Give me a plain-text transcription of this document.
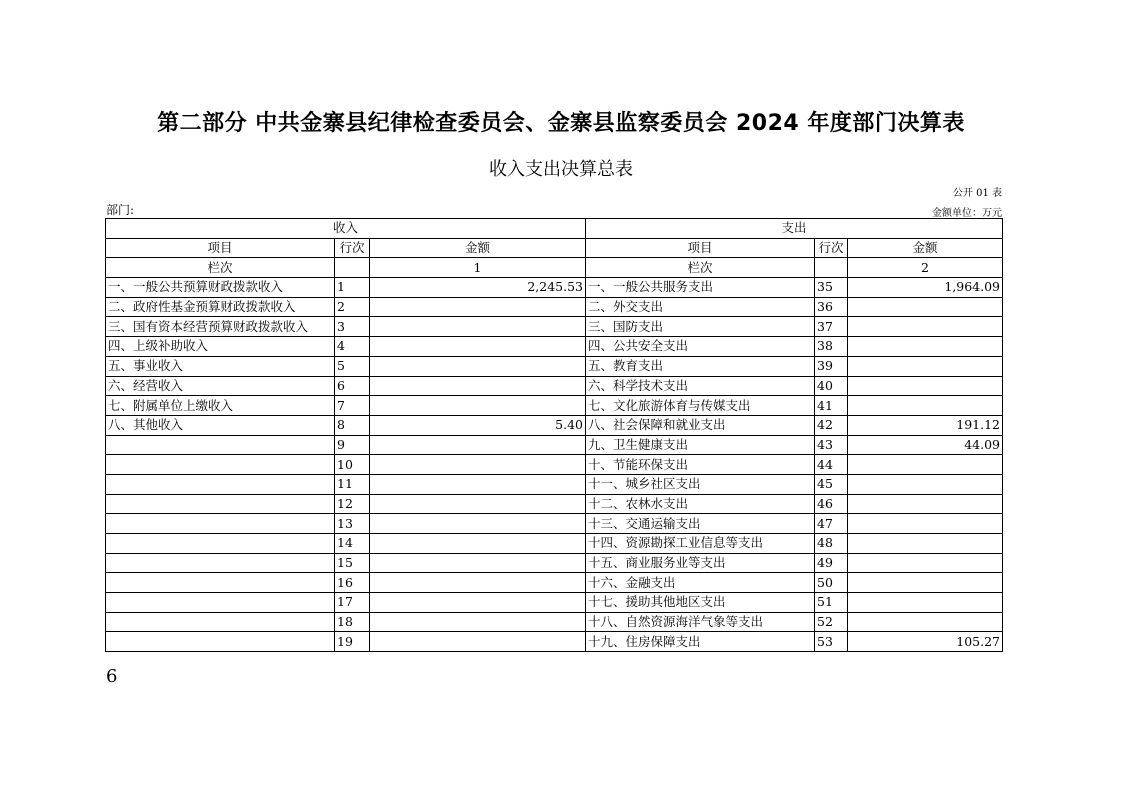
第二部分 中共金寨县纪律检查委员会、金寨县监察委员会 2024 年度部门决算表
收入支出决算总表
公开 01 表
部门:	金额单位：万元
收入			支出		
项目	行次	金额	项目	行次	金额
栏次		1	栏次		2
一、一般公共预算财政拨款收入	1	2,245.53	一、一般公共服务支出	35	1,964.09
二、政府性基金预算财政拨款收入	2		二、外交支出	36	
三、国有资本经营预算财政拨款收入	3		三、国防支出	37	
四、上级补助收入	4		四、公共安全支出	38	
五、事业收入	5		五、教育支出	39	
六、经营收入	6		六、科学技术支出	40	
七、附属单位上缴收入	7		七、文化旅游体育与传媒支出	41	
八、其他收入	8	5.40	八、社会保障和就业支出	42	191.12
	9		九、卫生健康支出	43	44.09
	10		十、节能环保支出	44	
	11		十一、城乡社区支出	45	
	12		十二、农林水支出	46	
	13		十三、交通运输支出	47	
	14		十四、资源勘探工业信息等支出	48	
	15		十五、商业服务业等支出	49	
	16		十六、金融支出	50	
	17		十七、援助其他地区支出	51	
	18		十八、自然资源海洋气象等支出	52	
	19		十九、住房保障支出	53	105.27
6
